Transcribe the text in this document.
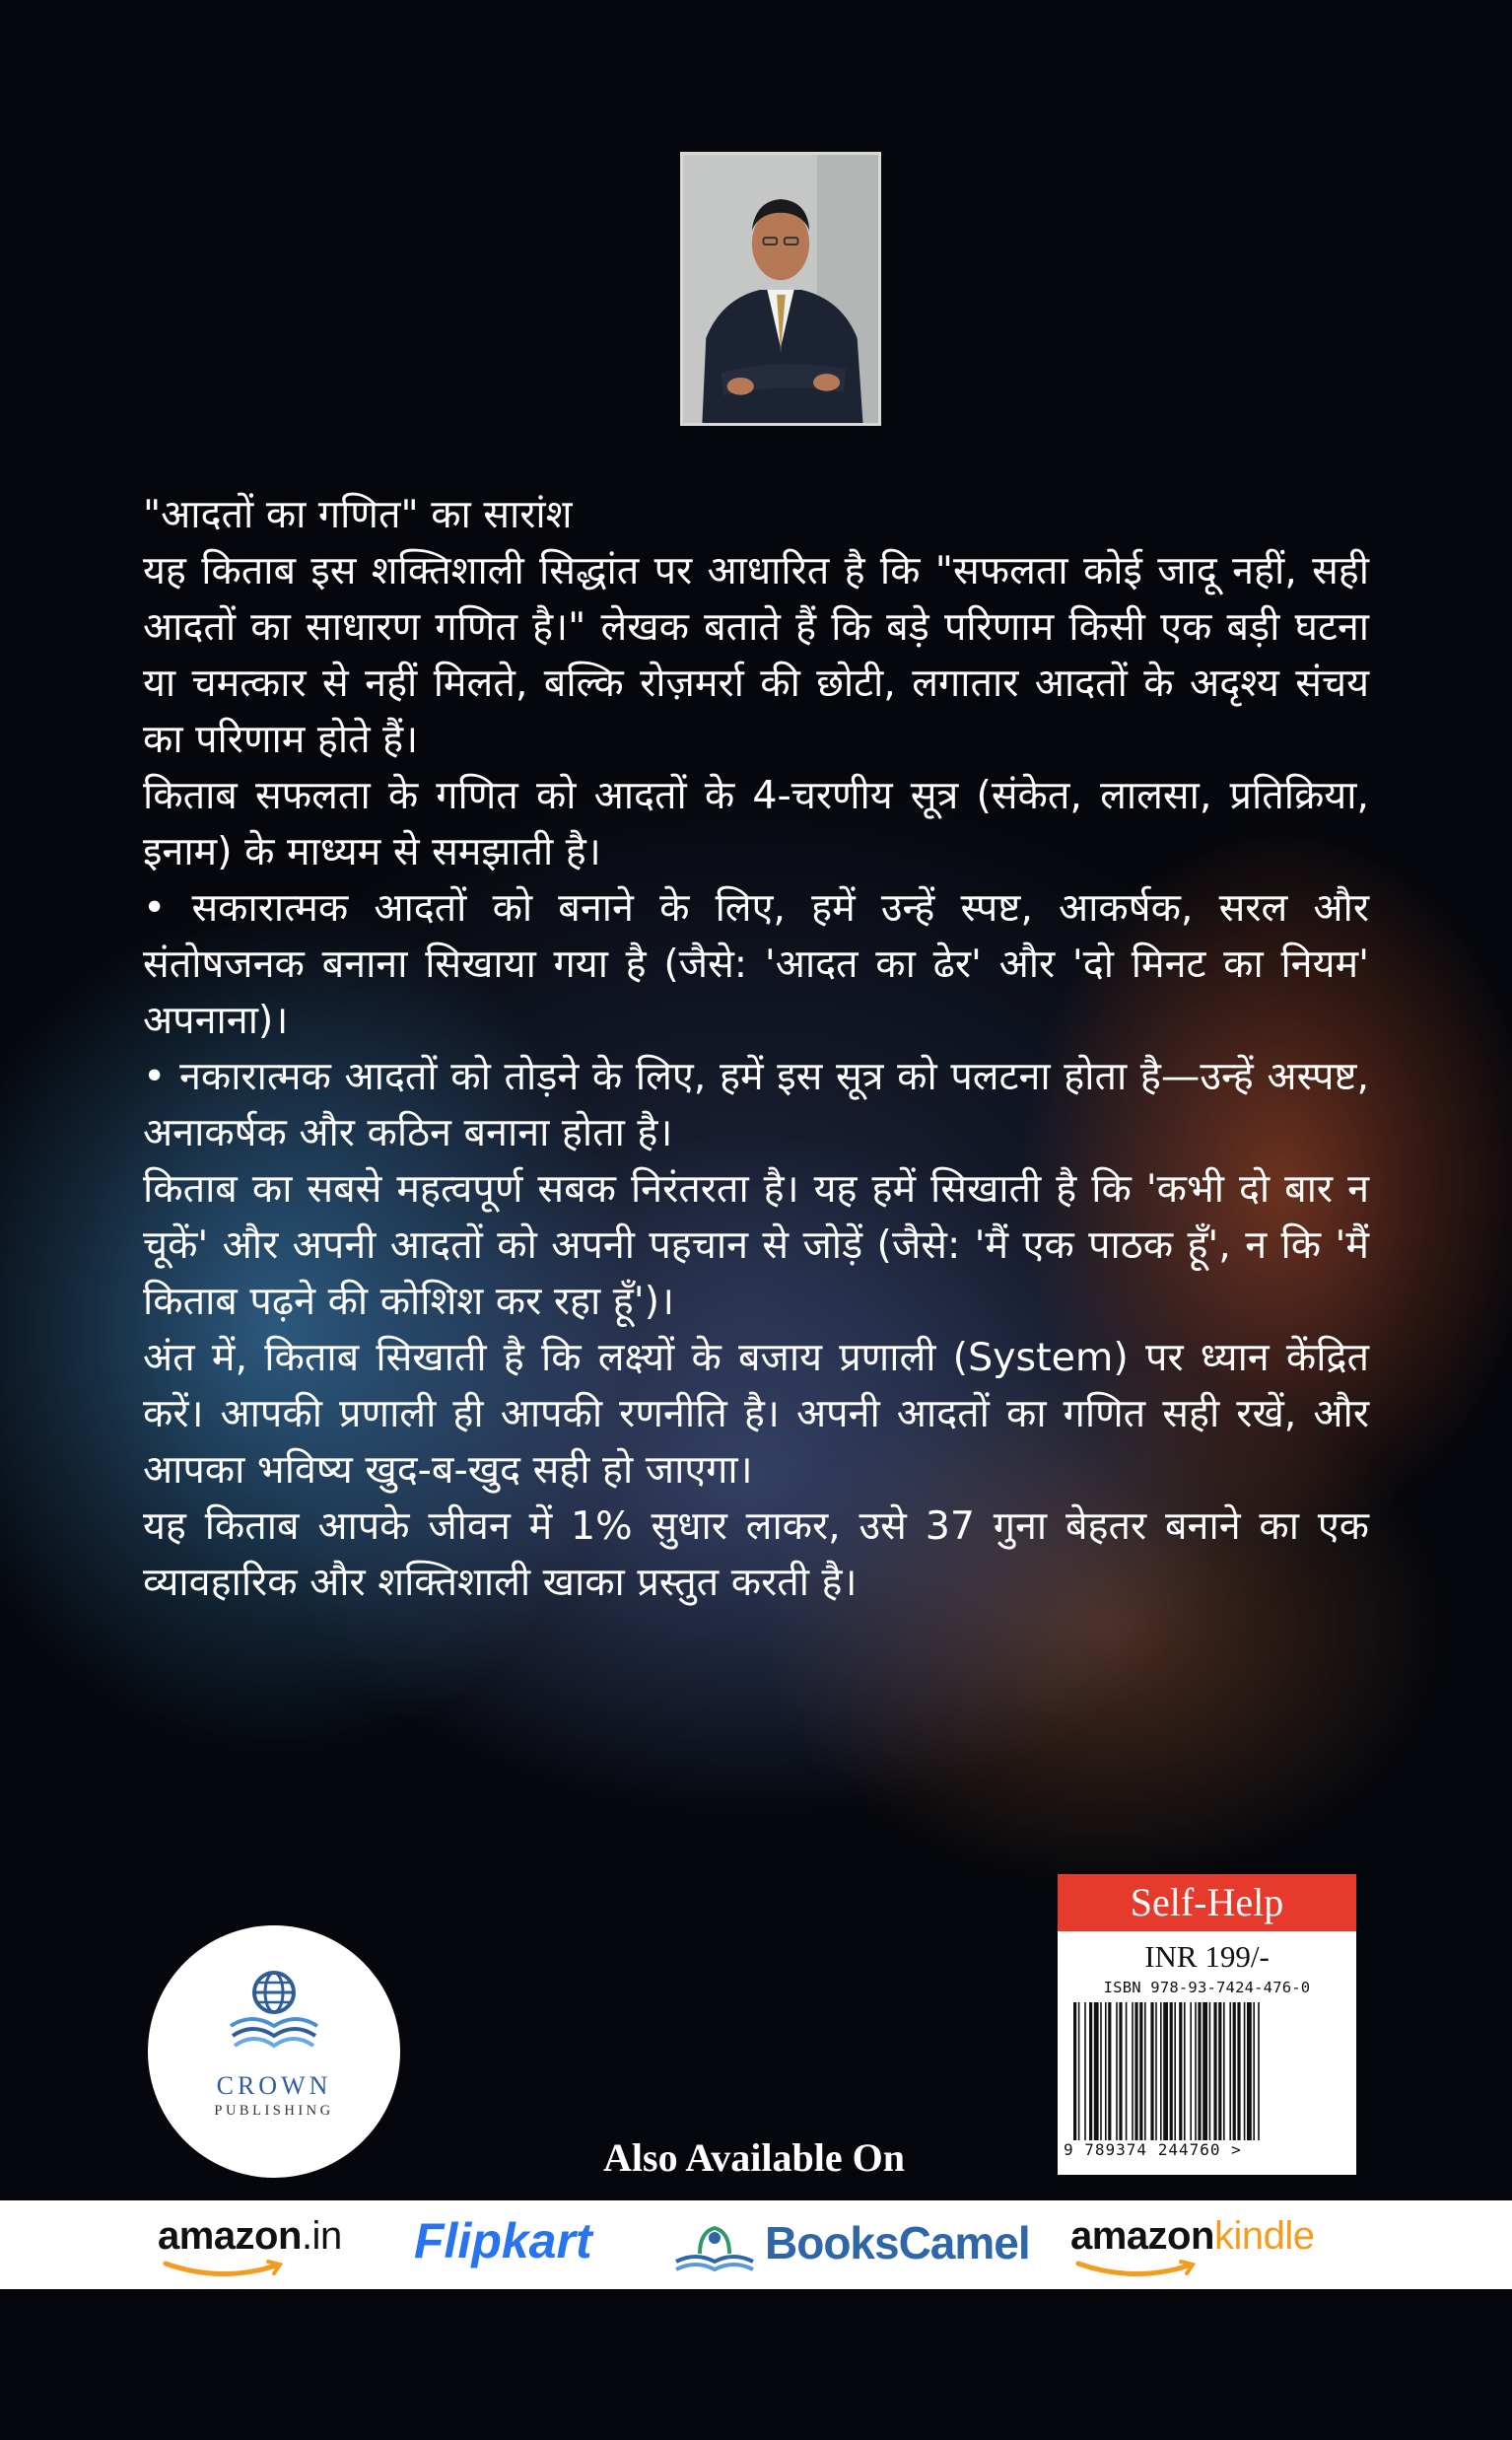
"आदतों का गणित" का सारांश

यह किताब इस शक्तिशाली सिद्धांत पर आधारित है कि "सफलता कोई जादू नहीं, सही आदतों का साधारण गणित है।" लेखक बताते हैं कि बड़े परिणाम किसी एक बड़ी घटना या चमत्कार से नहीं मिलते, बल्कि रोज़मर्रा की छोटी, लगातार आदतों के अदृश्य संचय का परिणाम होते हैं।

किताब सफलता के गणित को आदतों के 4-चरणीय सूत्र (संकेत, लालसा, प्रतिक्रिया, इनाम) के माध्यम से समझाती है।

• सकारात्मक आदतों को बनाने के लिए, हमें उन्हें स्पष्ट, आकर्षक, सरल और संतोषजनक बनाना सिखाया गया है (जैसे: 'आदत का ढेर' और 'दो मिनट का नियम' अपनाना)।

• नकारात्मक आदतों को तोड़ने के लिए, हमें इस सूत्र को पलटना होता है—उन्हें अस्पष्ट, अनाकर्षक और कठिन बनाना होता है।

किताब का सबसे महत्वपूर्ण सबक निरंतरता है। यह हमें सिखाती है कि 'कभी दो बार न चूकें' और अपनी आदतों को अपनी पहचान से जोड़ें (जैसे: 'मैं एक पाठक हूँ', न कि 'मैं किताब पढ़ने की कोशिश कर रहा हूँ')।

अंत में, किताब सिखाती है कि लक्ष्यों के बजाय प्रणाली (System) पर ध्यान केंद्रित करें। आपकी प्रणाली ही आपकी रणनीति है। अपनी आदतों का गणित सही रखें, और आपका भविष्य खुद-ब-खुद सही हो जाएगा।

यह किताब आपके जीवन में 1% सुधार लाकर, उसे 37 गुना बेहतर बनाने का एक व्यावहारिक और शक्तिशाली खाका प्रस्तुत करती है।

Self-Help
INR 199/-
ISBN 978-93-7424-476-0
9 789374 244760 >
CROWN
PUBLISHING
Also Available On
amazon.in Flipkart	BooksCamel amazonkindle
